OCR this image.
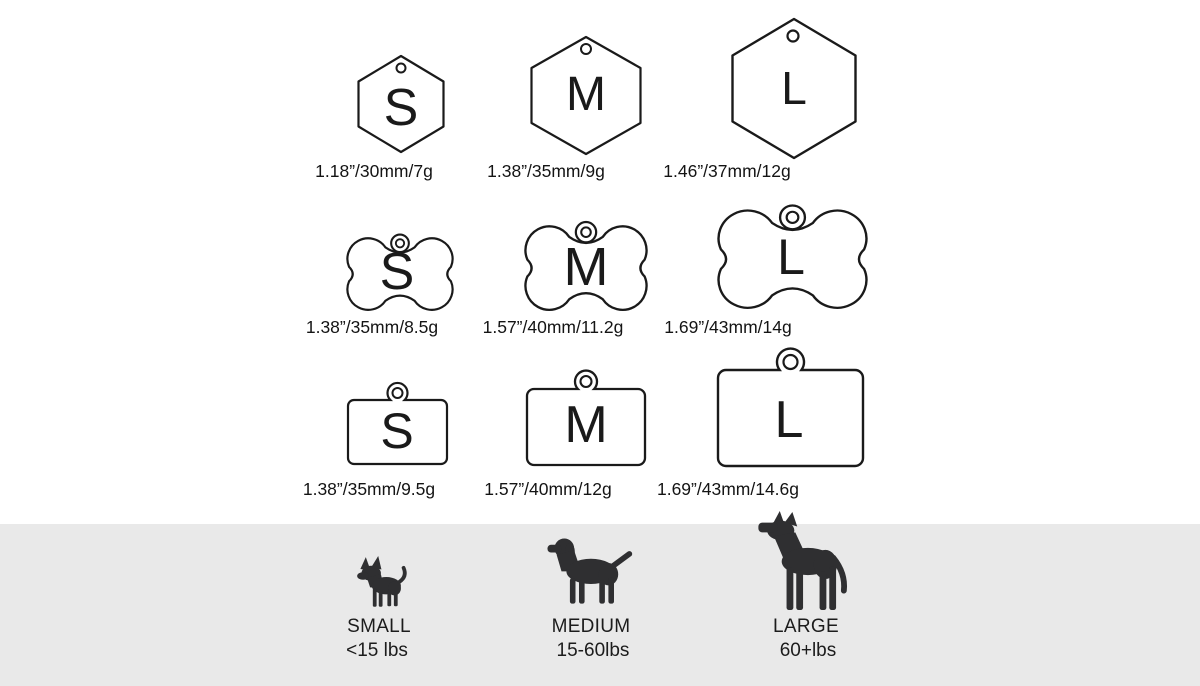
S	M	L
1.18”/30mm/7g	1.38”/35mm/9g	1.46”/37mm/12g
S	M	L
1.38”/35mm/8.5g	1.57”/40mm/11.2g	1.69”/43mm/14g
S	M	L
1.38”/35mm/9.5g	1.57”/40mm/12g	1.69”/43mm/14.6g
SMALL
<15 lbs
MEDIUM
15-60lbs
LARGE
60+lbs
